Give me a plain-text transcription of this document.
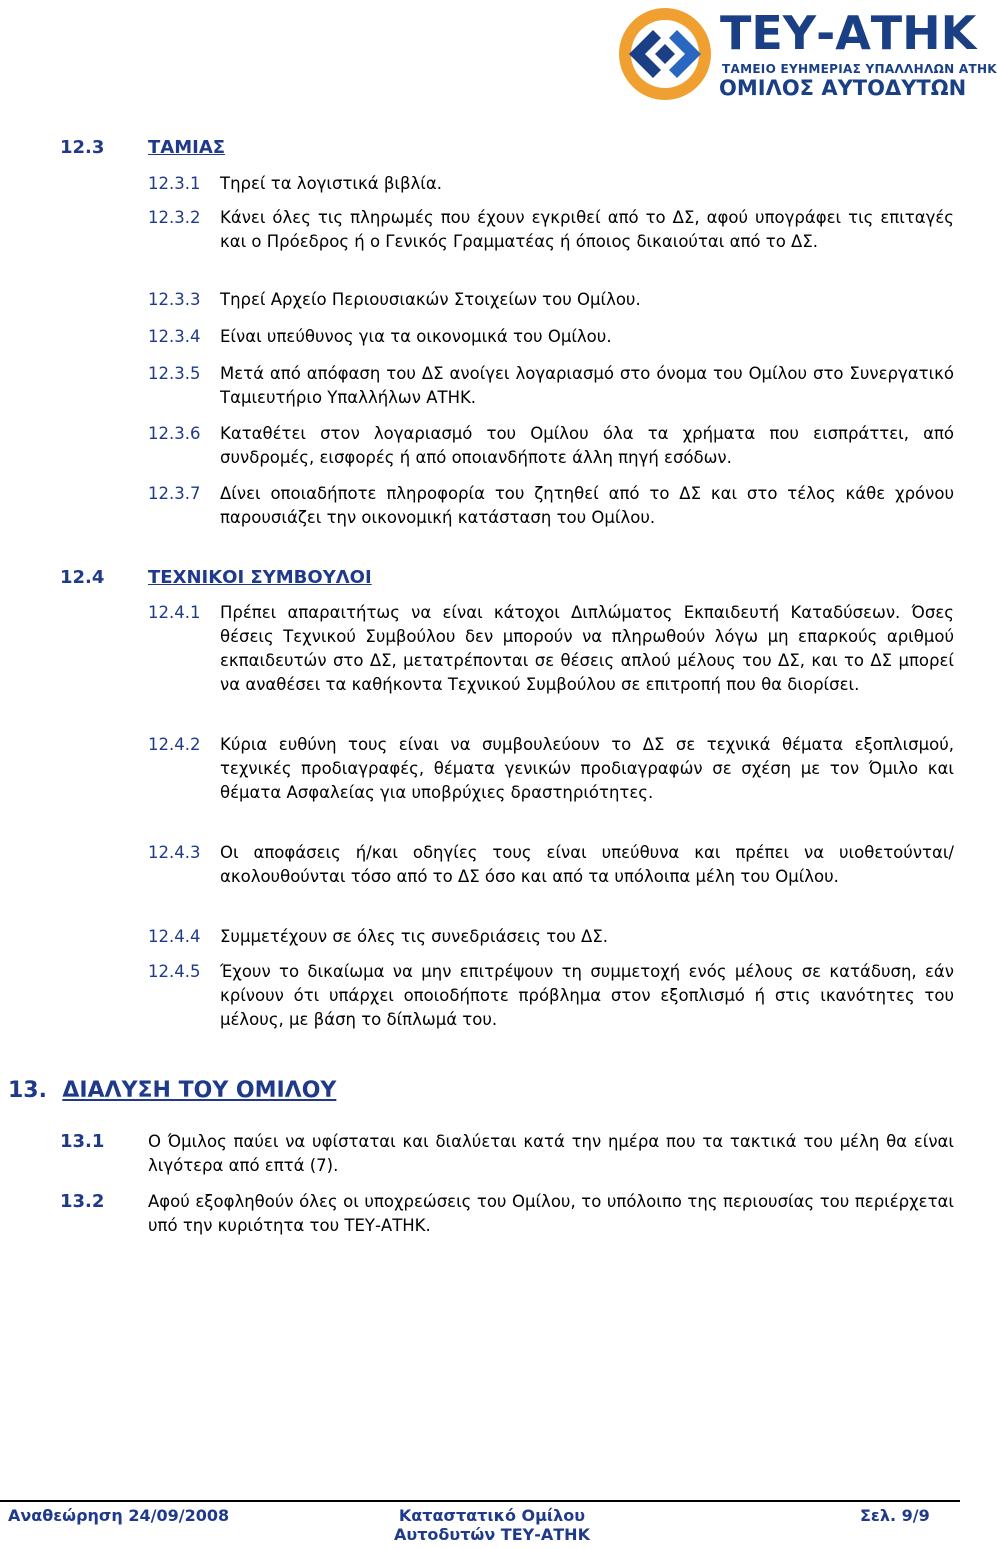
ΤΕΥ-ΑΤΗΚ
ΤΑΜΕΙΟ ΕΥΗΜΕΡΙΑΣ ΥΠΑΛΛΗΛΩΝ ΑΤΗΚ
ΟΜΙΛΟΣ ΑΥΤΟΔΥΤΩΝ
12.3 ΤΑΜΙΑΣ
12.3.1 Τηρεί τα λογιστικά βιβλία.
12.3.2 Κάνει όλες τις πληρωμές που έχουν εγκριθεί από το ΔΣ, αφού υπογράφει τις επιταγές και ο Πρόεδρος ή ο Γενικός Γραμματέας ή όποιος δικαιούται από το ΔΣ.
12.3.3 Τηρεί Αρχείο Περιουσιακών Στοιχείων του Ομίλου.
12.3.4 Είναι υπεύθυνος για τα οικονομικά του Ομίλου.
12.3.5 Μετά από απόφαση του ΔΣ ανοίγει λογαριασμό στο όνομα του Ομίλου στο Συνεργατικό Ταμιευτήριο Υπαλλήλων ΑΤΗΚ.
12.3.6 Καταθέτει στον λογαριασμό του Ομίλου όλα τα χρήματα που εισπράττει, από συνδρομές, εισφορές ή από οποιανδήποτε άλλη πηγή εσόδων.
12.3.7 Δίνει οποιαδήποτε πληροφορία του ζητηθεί από το ΔΣ και στο τέλος κάθε χρόνου παρουσιάζει την οικονομική κατάσταση του Ομίλου.
12.4 ΤΕΧΝΙΚΟΙ ΣΥΜΒΟΥΛΟΙ
12.4.1 Πρέπει απαραιτήτως να είναι κάτοχοι Διπλώματος Εκπαιδευτή Καταδύσεων. Όσες θέσεις Τεχνικού Συμβούλου δεν μπορούν να πληρωθούν λόγω μη επαρκούς αριθμού εκπαιδευτών στο ΔΣ, μετατρέπονται σε θέσεις απλού μέλους του ΔΣ, και το ΔΣ μπορεί να αναθέσει τα καθήκοντα Τεχνικού Συμβούλου σε επιτροπή που θα διορίσει.
12.4.2 Κύρια ευθύνη τους είναι να συμβουλεύουν το ΔΣ σε τεχνικά θέματα εξοπλισμού, τεχνικές προδιαγραφές, θέματα γενικών προδιαγραφών σε σχέση με τον Όμιλο και θέματα Ασφαλείας για υποβρύχιες δραστηριότητες.
12.4.3 Οι αποφάσεις ή/και οδηγίες τους είναι υπεύθυνα και πρέπει να υιοθετούνται/ακολουθούνται τόσο από το ΔΣ όσο και από τα υπόλοιπα μέλη του Ομίλου.
12.4.4 Συμμετέχουν σε όλες τις συνεδριάσεις του ΔΣ.
12.4.5 Έχουν το δικαίωμα να μην επιτρέψουν τη συμμετοχή ενός μέλους σε κατάδυση, εάν κρίνουν ότι υπάρχει οποιοδήποτε πρόβλημα στον εξοπλισμό ή στις ικανότητες του μέλους, με βάση το δίπλωμά του.
13. ΔΙΑΛΥΣΗ ΤΟΥ ΟΜΙΛΟΥ
13.1	Ο Όμιλος παύει να υφίσταται και διαλύεται κατά την ημέρα που τα τακτικά του μέλη θα είναι λιγότερα από επτά (7).
13.2	Αφού εξοφληθούν όλες οι υποχρεώσεις του Ομίλου, το υπόλοιπο της περιουσίας του περιέρχεται υπό την κυριότητα του ΤΕΥ-ΑΤΗΚ.
Αναθεώρηση 24/09/2008	Καταστατικό Ομίλου
Αυτοδυτών ΤΕΥ-ΑΤΗΚ
Σελ. 9/9
